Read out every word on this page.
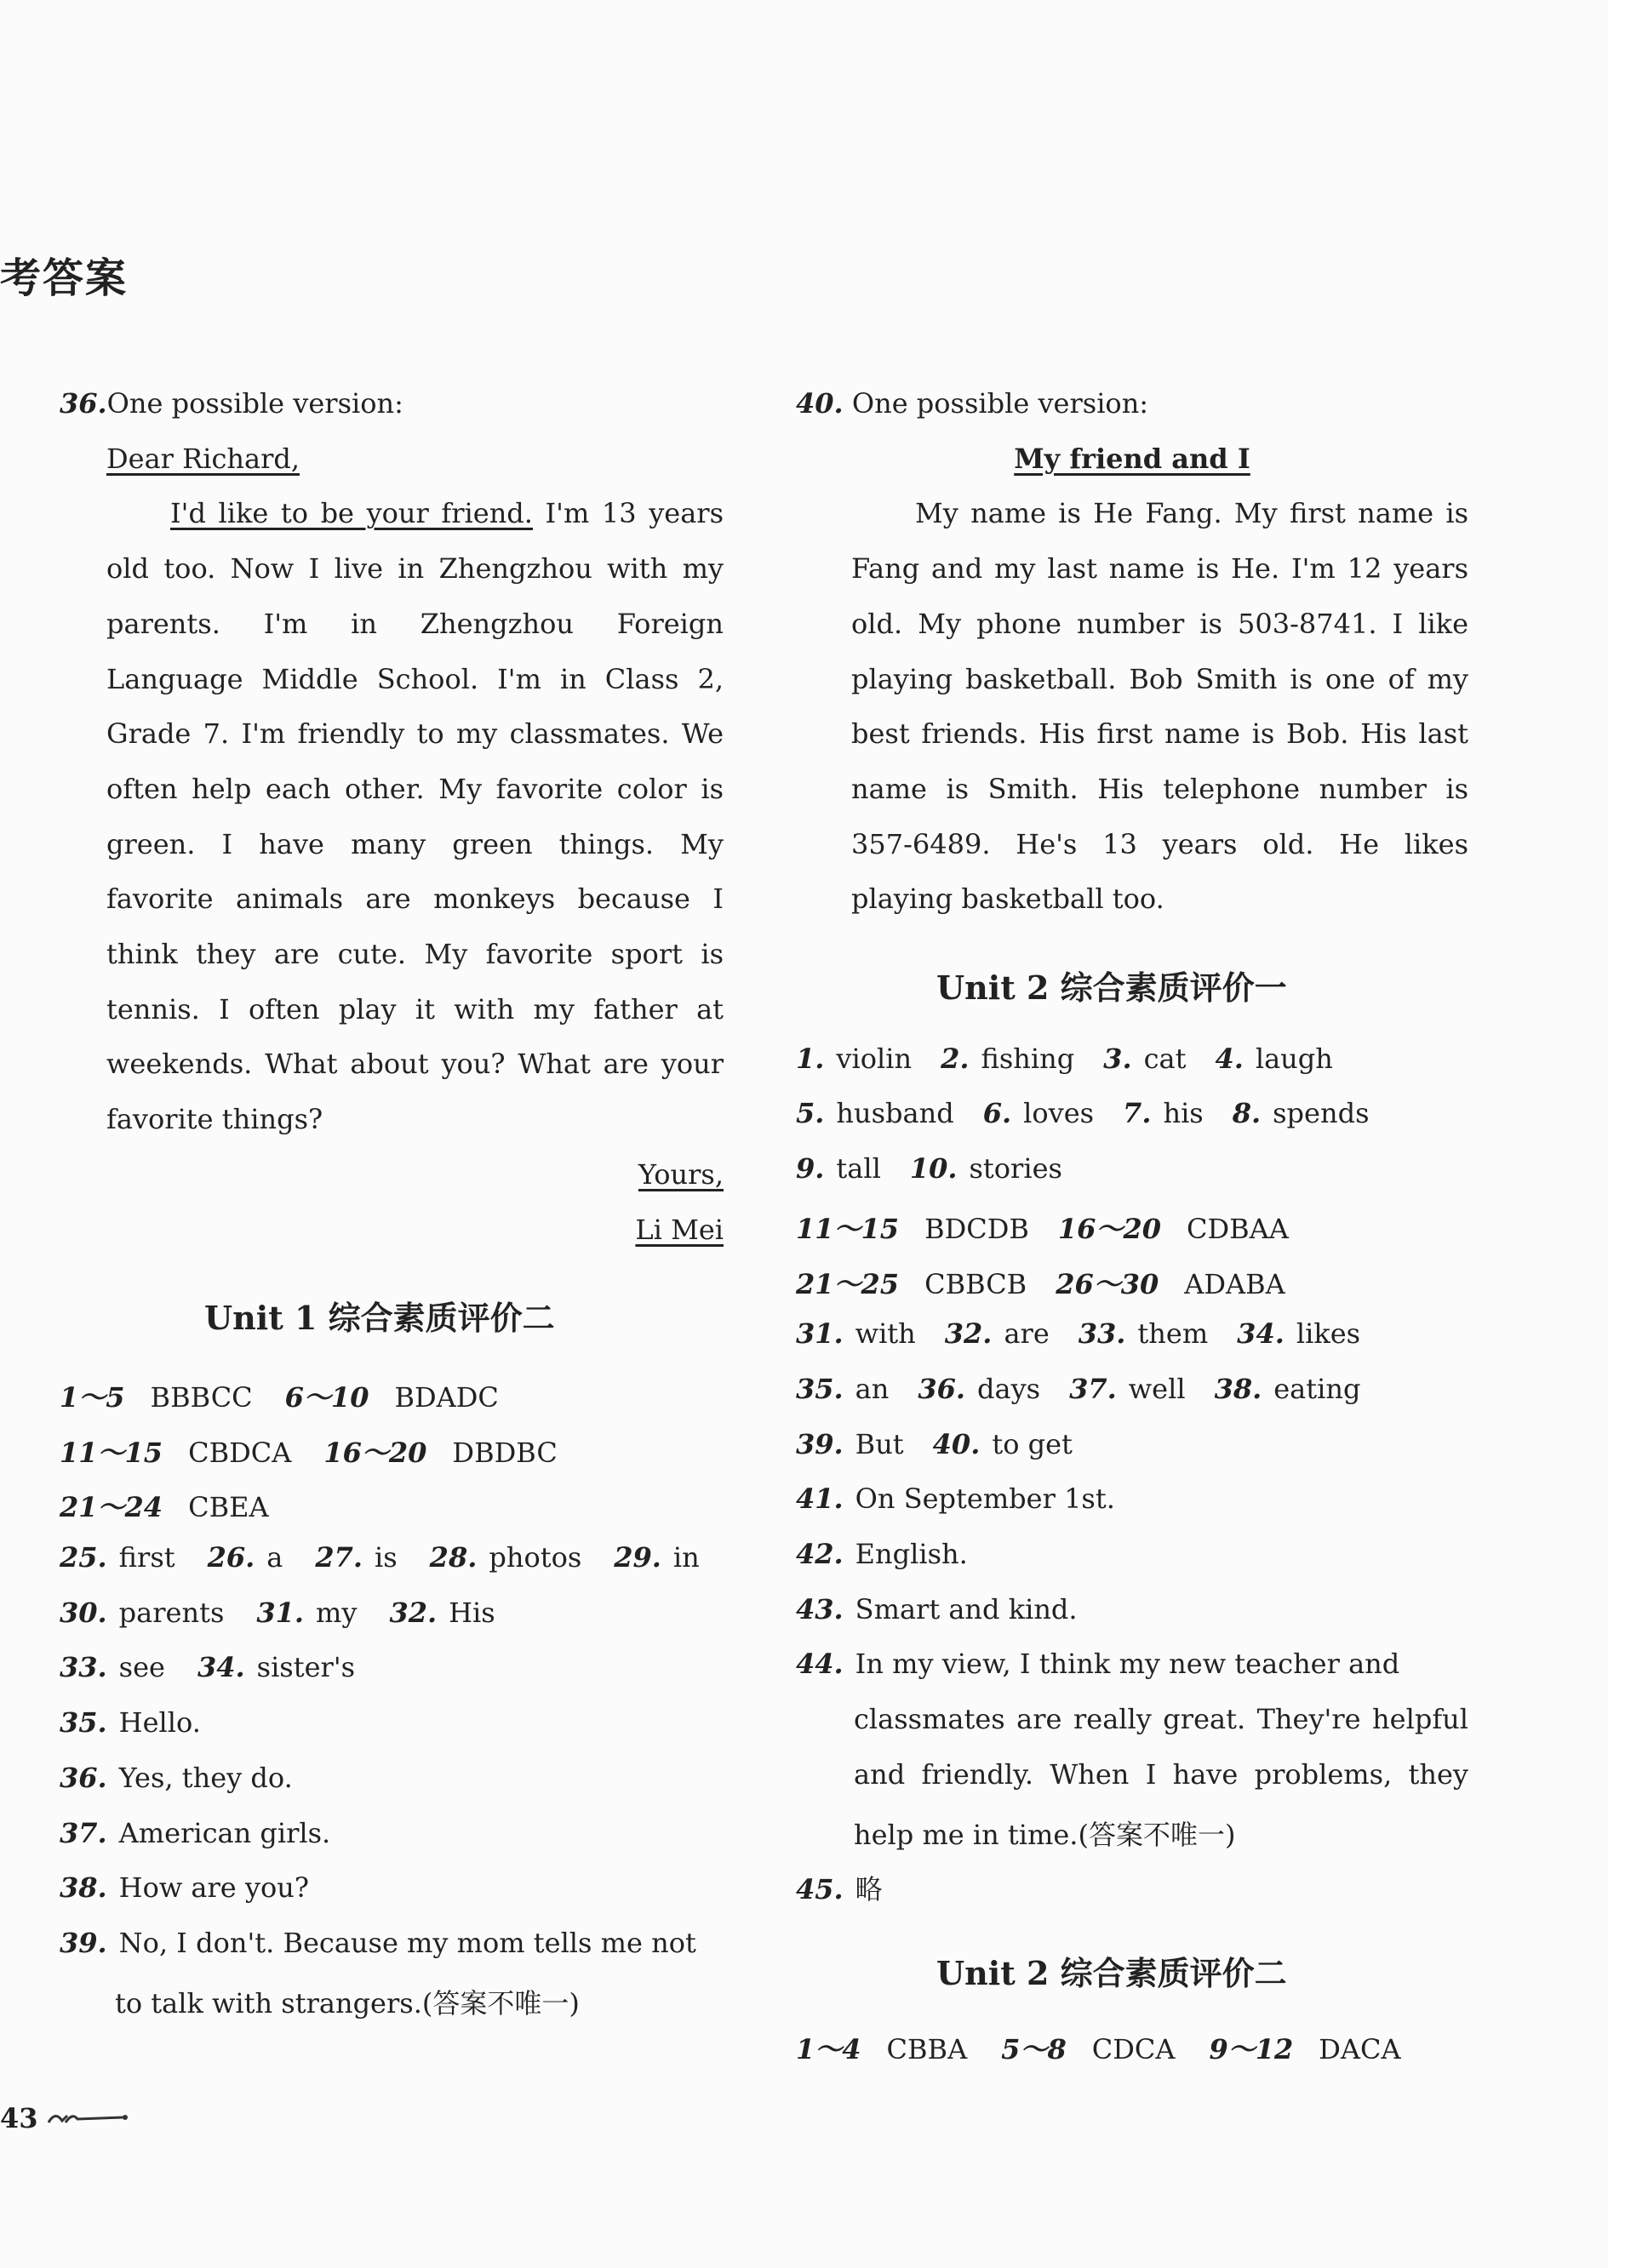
考答案
36.One possible version:
Dear Richard,
I'd like to be your friend. I'm 13 years
old too. Now I live in Zhengzhou with my
parents. I'm in Zhengzhou Foreign
Language Middle School. I'm in Class 2,
Grade 7. I'm friendly to my classmates. We
often help each other. My favorite color is
green. I have many green things. My
favorite animals are monkeys because I
think they are cute. My favorite sport is
tennis. I often play it with my father at
weekends. What about you? What are your
favorite things?
Yours,
Li Mei
Unit 1 综合素质评价二
1～5 BBBCC 6～10 BDADC
11～15 CBDCA 16～20 DBDBC
21～24 CBEA
25. first 26. a 27. is 28. photos 29. in
30. parents 31. my 32. His
33. see 34. sister's
35. Hello.
36. Yes, they do.
37. American girls.
38. How are you?
39. No, I don't. Because my mom tells me not
to talk with strangers.(答案不唯一)
40. One possible version:
My friend and I
My name is He Fang. My first name is
Fang and my last name is He. I'm 12 years
old. My phone number is 503-8741. I like
playing basketball. Bob Smith is one of my
best friends. His first name is Bob. His last
name is Smith. His telephone number is
357-6489. He's 13 years old. He likes
playing basketball too.
Unit 2 综合素质评价一
1. violin 2. fishing 3. cat 4. laugh
5. husband 6. loves 7. his 8. spends
9. tall 10. stories
11～15 BDCDB 16～20 CDBAA
21～25 CBBCB 26～30 ADABA
31. with 32. are 33. them 34. likes
35. an 36. days 37. well 38. eating
39. But 40. to get
41. On September 1st.
42. English.
43. Smart and kind.
44. In my view, I think my new teacher and
classmates are really great. They're helpful
and friendly. When I have problems, they
help me in time.(答案不唯一)
45. 略
Unit 2 综合素质评价二
1～4 CBBA 5～8 CDCA 9～12 DACA
43
